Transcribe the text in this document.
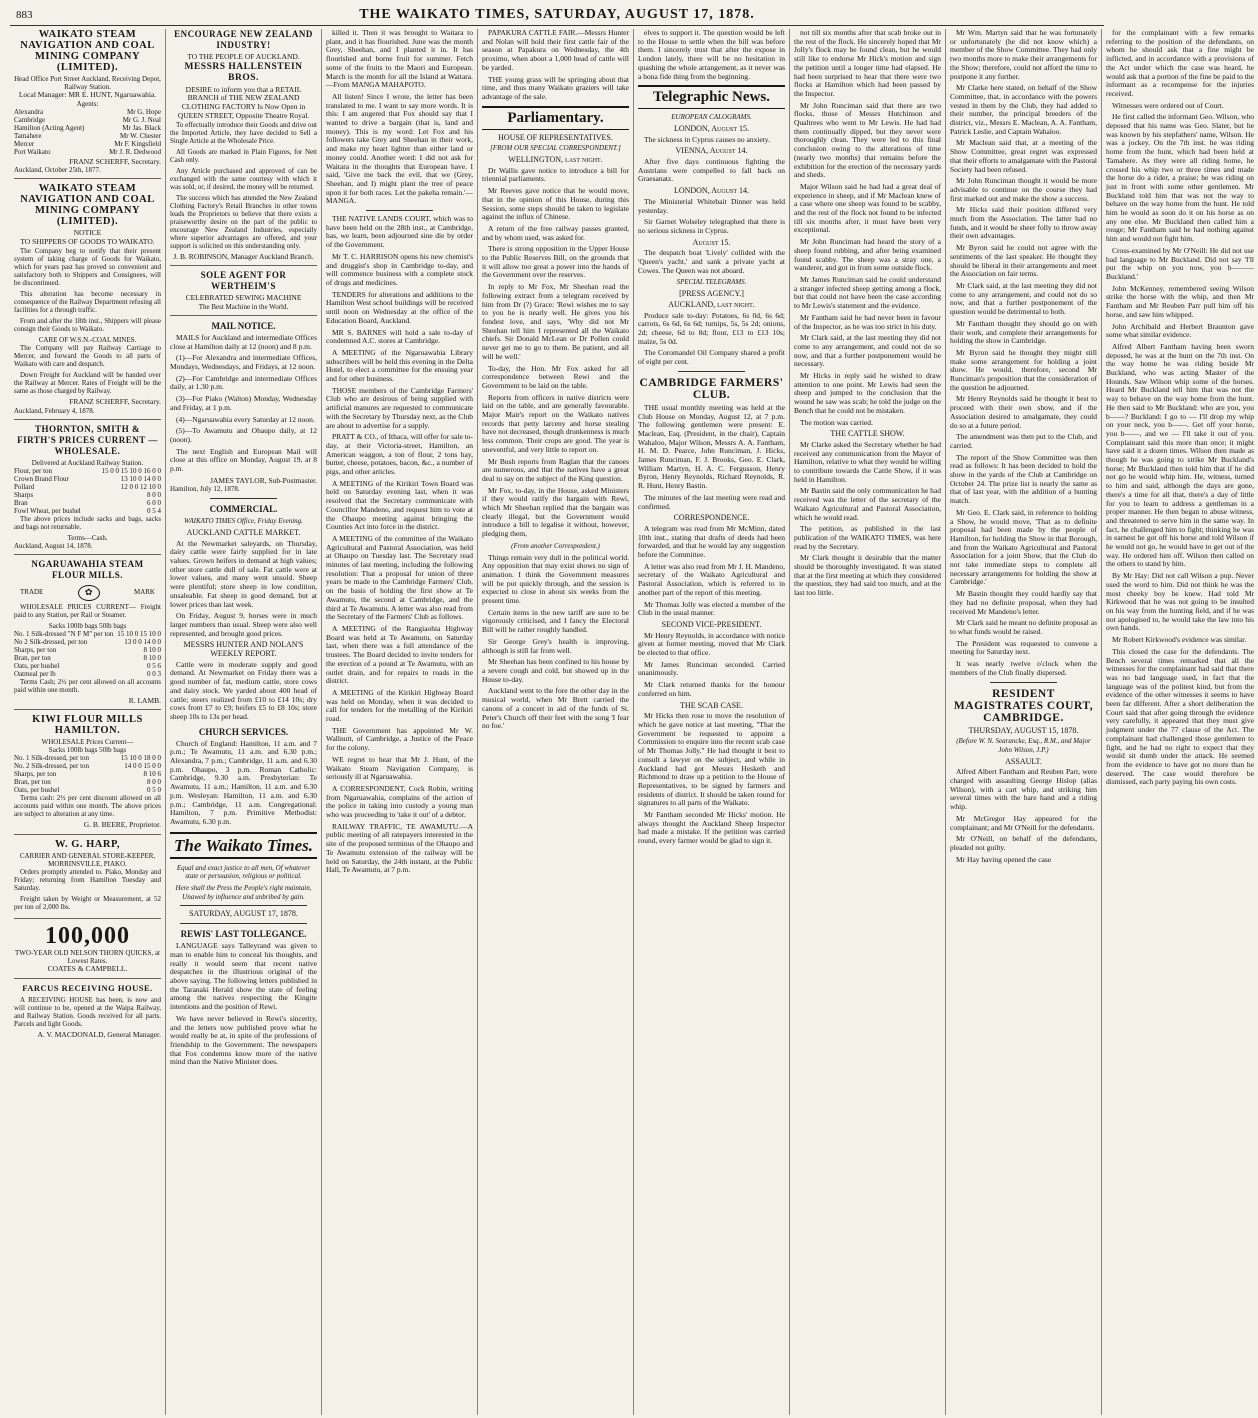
883	THE WAIKATO TIMES, SATURDAY, AUGUST 17, 1878.
WAIKATO STEAM NAVIGATION AND COAL MINING COMPANY (LIMITED).
Head Office Port Street Auckland, Receiving Depot, Railway Station.
Local Manager: MR E. HUNT, Ngaruawahia.
Agents:
Alexandra	Mr G. Hope
Cambridge	Mr G. J. Neal
Hamilton (Acting Agent)	Mr Jas. Black
Tamahere	Mr W. Chester
Mercer	Mr F. Kingsfield
Port Waikato	Mr J. R. Dedwood
FRANZ SCHERFF, Secretary.
Auckland, October 25th, 1877.
WAIKATO STEAM NAVIGATION AND COAL MINING COMPANY (LIMITED).
NOTICE
TO SHIPPERS OF GOODS TO WAIKATO.

The Company beg to notify that their present system of taking charge of Goods for Waikato, which for years past has proved so convenient and satisfactory both to Shippers and Consignees, will be discontinued.

This alteration has become necessary in consequence of the Railway Department refusing all facilities for a through traffic.

From and after the 18th inst., Shippers will please consign their Goods to Waikato.

CARE OF W.S.N.-COAL MINES.

The Company will pay Railway Carriage to Mercer, and forward the Goods to all parts of Waikato with care and despatch.

Down Freight for Auckland will be handed over the Railway at Mercer. Rates of Freight will be the same as those charged by Railway.

FRANZ SCHERFF, Secretary.
Auckland, February 4, 1878.
THORNTON, SMITH & FIRTH'S PRICES CURRENT — WHOLESALE.
Delivered at Auckland Railway Station.
Flour, per ton	15 0 0 15 10 0 16 0 0
Crown Brand Flour	13 10 0 14 0 0
Pollard	12 0 0 12 10 0
Sharps	8 0 0
Bran	6 0 0
Fowl Wheat, per bushel	0 5 4

The above prices include sacks and bags, sacks and bags not returnable.

Terms—Cash.
Auckland, August 14, 1878.
NGARUAWAHIA STEAM FLOUR MILLS.
TRADE	✿	MARK

WHOLESALE PRICES CURRENT— Freight paid to any Station, per Rail or Steamer.

Sacks 100lb bags 50lb bags
No. 1 Silk-dressed "N F M" per ton	15 10 0 15 10 0
No 2 Silk-dressed, per ton	13 0 0 14 0 0
Sharps, per ton	8 10 0
Bran, per ton	8 10 0
Oats, per bushel	0 5 6
Oatmeal per lb	0 0 3

Terms Cash; 2½ per cent allowed on all accounts paid within one month.

R. LAMB.
KIWI FLOUR MILLS HAMILTON.
WHOLESALE Prices Current—
Sacks 100lb bags 50lb bags
No. 1 Silk-dressed, per ton	15 10 0 18 0 0
No. 2 Silk-dressed, per ton	14 0 0 15 0 0
Sharps, per ton	8 10 6
Bran, per ton	8 0 0
Oats, per bushel	0 5 0

Terms cash: 2½ per cent discount allowed on all accounts paid within one month. The above prices are subject to alteration at any time.

G. B. BEERE, Proprietor.
W. G. HARP,
CARRIER AND GENERAL STORE-KEEPER, MORRINSVILLE, PIAKO.

Orders promptly attended to. Piako, Monday and Friday; returning from Hamilton Tuesday and Saturday.

Freight taken by Weight or Measurement, at 52 per ton of 2,000 lbs.

100,000
TWO-YEAR OLD NELSON THORN QUICKS, at Lowest Rates.
COATES & CAMPBELL.
FARCUS RECEIVING HOUSE.

A RECEIVING HOUSE has been, is now and will continue to be, opened at the Waipa Railway, and Railway Station. Goods received for all parts. Parcels and light Goods.

A. V. MACDONALD, General Manager.
ENCOURAGE NEW ZEALAND INDUSTRY!
TO THE PEOPLE OF AUCKLAND.
MESSRS HALLENSTEIN BROS.
DESIRE to inform you that a RETAIL BRANCH of THE NEW ZEALAND CLOTHING FACTORY Is Now Open in QUEEN STREET, Opposite Theatre Royal.

To effectually introduce their Goods and drive out the Imported Article, they have decided to Sell a Single Article at the Wholesale Price.

All Goods are marked in Plain Figures, for Nett Cash only.

Any Article purchased and approved of can be exchanged with the same courtesy with which it was sold, or, if desired, the money will be returned.

The success which has attended the New Zealand Clothing Factory's Retail Branches in other towns leads the Proprietors to believe that there exists a praiseworthy desire on the part of the public to encourage New Zealand Industries, especially where superior advantages are offered, and your support is solicited on this understanding only.

J. B. ROBINSON, Manager Auckland Branch.
SOLE AGENT FOR WERTHEIM'S
CELEBRATED SEWING MACHINE
The Best Machine in the World.
MAIL NOTICE.

MAILS for Auckland and intermediate Offices close at Hamilton daily at 12 (noon) and 8 p.m.

(1)—For Alexandra and intermediate Offices, Mondays, Wednesdays, and Fridays, at 12 noon.

(2)—For Cambridge and intermediate Offices daily, at 1.30 p.m.

(3)—For Piako (Walton) Monday, Wednesday and Friday, at 1 p.m.

(4)—Ngaruawahia every Saturday at 12 noon.

(5)—To Awamutu and Ohaupo daily, at 12 (noon).

The next English and European Mail will close at this office on Monday, August 19, at 8 p.m.

JAMES TAYLOR, Sub-Postmaster.
Hamilton, July 12, 1878.
COMMERCIAL.
WAIKATO TIMES Office, Friday Evening.
AUCKLAND CATTLE MARKET.

At the Newmarket saleyards, on Thursday, dairy cattle were fairly supplied for in late values. Grown heifers in demand at high values; other store cattle dull of sale. Fat cattle were at lower values, and many went unsold. Sheep were plentiful; store sheep in low condition, unsaleable. Fat sheep in good demand, but at lower prices than last week.

On Friday, August 9, horses were in much larger numbers than usual. Sheep were also well represented, and brought good prices.

MESSRS HUNTER AND NOLAN'S WEEKLY REPORT.

Cattle were in moderate supply and good demand. At Newmarket on Friday there was a good number of fat, medium cattle, store cows and dairy stock. We yarded about 400 head of cattle; steers realized from £10 to £14 10s; dry cows from £7 to £9; heifers £5 to £8 10s; store sheep 10s to 13s per head.

CHURCH SERVICES.

Church of England: Hamilton, 11 a.m. and 7 p.m.; Te Awamutu, 11 a.m. and 6.30 p.m.; Alexandra, 7 p.m.; Cambridge, 11 a.m. and 6.30 p.m. Ohaupo, 3 p.m. Roman Catholic: Cambridge, 9.30 a.m. Presbyterian: Te Awamutu, 11 a.m.; Hamilton, 11 a.m. and 6.30 p.m. Wesleyan: Hamilton, 11 a.m. and 6.30 p.m.; Cambridge, 11 a.m. Congregational: Hamilton, 7 p.m. Primitive Methodist: Awamutu, 6.30 p.m.

The Waikato Times.
Equal and exact justice to all men, Of whatever state or persuasion, religious or political.
Here shall the Press the People's right maintain, Unawed by influence and unbribed by gain.
SATURDAY, AUGUST 17, 1878.
REWIS' LAST TOLLEGANCE.

LANGUAGE says Talleyrand was given to man to enable him to conceal his thoughts, and really it would seem that recent native despatches in the illustrious original of the above saying. The following letters published in the Taranaki Herald show the state of feeling among the natives respecting the Kingite intentions and the position of Rewi.

We have never believed in Rewi's sincerity, and the letters now published prove what he would really be at, in spite of the professions of friendship to the Government. The newspapers that Fox condemns know more of the native mind than the Native Minister does.

killed it. Then it was brought to Waitara to plant, and it has flourished. June was the month Grey, Sheehan, and I planted it in. It has flourished and borne fruit for summer. Fetch some of the fruits to the Maori and European. March is the month for all the Island at Waitara.—From MANGA MAHAPOTO.

All listen! Since I wrote, the letter has been translated to me. I want to say more words. It is this: I am angered that Fox should say that I wanted to drive a bargain (that is, land and money). This is my word: Let Fox and his followers take Grey and Sheehan in their work, and make my heart lighter than either land or money could. Another word: I did not ask for Waitara in the thoughts that European have. I said, 'Give me back the evil, that we (Grey, Sheehan, and I) might plant the tree of peace upon it for both races. Let the pakeha remain.'—MANGA.

THE NATIVE LANDS COURT, which was to have been held on the 28th inst., at Cambridge, has, we learn, been adjourned sine die by order of the Government.

Mr T. C. HARRISON opens his new chemist's and druggist's shop in Cambridge to-day, and will commence business with a complete stock of drugs and medicines.

TENDERS for alterations and additions to the Hamilton West school buildings will be received until noon on Wednesday at the office of the Education Board, Auckland.

MR S. BARNES will hold a sale to-day of condemned A.C. stores at Cambridge.

A MEETING of the Ngaruawahia Library subscribers will be held this evening in the Delta Hotel, to elect a committee for the ensuing year and for other business.

THOSE members of the Cambridge Farmers' Club who are desirous of being supplied with artificial manures are requested to communicate with the Secretary by Thursday next, as the Club are about to advertise for a supply.

PRATT & CO., of Ithaca, will offer for sale to-day, at their Victoria-street, Hamilton, an American waggon, a ton of flour, 2 tons hay, butter, cheese, potatoes, bacon, &c., a number of pigs, and other articles.

A MEETING of the Kirikiri Town Board was held on Saturday evening last, when it was resolved that the Secretary communicate with Councillor Mandeno, and request him to vote at the Ohaupo meeting against bringing the Counties Act into force in the district.

A MEETING of the committee of the Waikato Agricultural and Pastoral Association, was held at Ohaupo on Tuesday last. The Secretary read minutes of last meeting, including the following resolution: That a proposal for union of three years be made to the Cambridge Farmers' Club, on the basis of holding the first show at Te Awamutu, the second at Cambridge, and the third at Te Awamutu. A letter was also read from the Secretary of the Farmers' Club as follows.

A MEETING of the Rangiaohia Highway Board was held at Te Awamutu, on Saturday last, when there was a full attendance of the trustees. The Board decided to invite tenders for the erection of a pound at Te Awamutu, with an outlet drain, and for repairs to roads in the district.

A MEETING of the Kirikiri Highway Board was held on Monday, when it was decided to call for tenders for the metalling of the Kirikiri road.

THE Government has appointed Mr W. Wallnutt, of Cambridge, a Justice of the Peace for the colony.

WE regret to hear that Mr J. Hunt, of the Waikato Steam Navigation Company, is seriously ill at Ngaruawahia.

A CORRESPONDENT, Cock Robin, writing from Ngaruawahia, complains of the action of the police in taking into custody a young man who was proceeding to 'take it out' of a debtor.

RAILWAY TRAFFIC, TE AWAMUTU.—A public meeting of all ratepayers interested in the site of the proposed terminus of the Ohaupo and Te Awamutu extension of the railway will be held on Saturday, the 24th instant, at the Public Hall, Te Awamutu, at 7 p.m.

PAPAKURA CATTLE FAIR.—Messrs Hunter and Nolan will hold their first cattle fair of the season at Papakura on Wednesday, the 4th proximo, when about a 1,000 head of cattle will be yarded.

THE young grass will be springing about that time, and thus many Waikato graziers will take advantage of the sale.

Parliamentary.
HOUSE OF REPRESENTATIVES.
[FROM OUR SPECIAL CORRESPONDENT.]
WELLINGTON, last night.

Dr Wallis gave notice to introduce a bill for triennial parliaments.

Mr Reeves gave notice that he would move, that in the opinion of this House, during this Session, some steps should be taken to legislate against the influx of Chinese.

A return of the free railway passes granted, and by whom used, was asked for.

There is strong opposition in the Upper House to the Public Reserves Bill, on the grounds that it will allow too great a power into the hands of the Government over the reserves.

In reply to Mr Fox, Mr Sheehan read the following extract from a telegram received by him from Dr (?) Grace: 'Rewi wishes me to say to you he is nearly well. He gives you his fondest love, and says, 'Why did not Mr Sheehan tell him I represented all the Waikato chiefs. Sir Donald McLean or Dr Pollen could never get me to go to them. Be patient, and all will be well.'

To-day, the Hon. Mr Fox asked for all correspondence between Rewi and the Government to be laid on the table.

Reports from officers in native districts were laid on the table, and are generally favourable. Major Mair's report on the Waikato natives records that petty larceny and horse stealing have not decreased, though drunkenness is much less common. Their crops are good. The year is uneventful, and very little to report on.

Mr Bush reports from Raglan that the canoes are numerous, and that the natives have a great deal to say on the subject of the King question.

Mr Fox, to-day, in the House, asked Ministers if they would ratify the bargain with Rewi, which Mr Sheehan replied that the bargain was clearly illegal, but the Government would introduce a bill to legalise it without, however, pledging them,

(From another Correspondent.)

Things remain very dull in the political world. Any opposition that may exist shows no sign of animation. I think the Government measures will be put quickly through, and the session is expected to close in about six weeks from the present time.

Certain items in the new tariff are sure to be vigorously criticised, and I fancy the Electoral Bill will be rather roughly handled.

Sir George Grey's health is improving, although is still far from well.

Mr Sheehan has been confined to his house by a severe cough and cold, but showed up in the House to-day.

Auckland went to the fore the other day in the musical world, when Mr Brett carried the canons of a concert in aid of the funds of St. Peter's Church off their feet with the song 'I fear no foe.'

elves to support it. The question would be left to the House to settle when the bill was before them. I sincerely trust that after the expose in London lately, there will be no hesitation in quashing the whole arrangement, as it never was a bona fide thing from the beginning.

Telegraphic News.
EUROPEAN CALOGRAMS.
LONDON, August 15.

The sickness in Cyprus causes no anxiety.

VIENNA, August 14.

After five days continuous fighting the Austrians were compelled to fall back on Graesanatz.

LONDON, August 14.

The Ministerial Whitebait Dinner was held yesterday.

Sir Garnet Wolseley telegraphed that there is no serious sickness in Cyprus.

August 15.

The despatch boat 'Lively' collided with the 'Queen's yacht,' and sank a private yacht at Cowes. The Queen was not aboard.

SPECIAL TELEGRAMS.
[PRESS AGENCY.]
AUCKLAND, last night.

Produce sale to-day: Potatoes, 6s 0d, 6s 6d; carrots, 6s 6d, 6s 6d; turnips, 5s, 5s 2d; onions, 2d; cheese, 6d to 8d; flour, £13 to £13 10s; maize, 5s 0d.

The Coromandel Oil Company shared a profit of eight per cent.

CAMBRIDGE FARMERS' CLUB.

THE usual monthly meeting was held at the Club House on Monday, August 12, at 7 p.m. The following gentlemen were present: E. Maclean, Esq. (President, in the chair), Captain Wahaloo, Major Wilson, Messrs A. A. Fantham, H. M. D. Pearce, John Runciman, J. Hicks, James Runciman, F. J. Brooks, Geo. E. Clark, William Martyn, H. A. C. Fergusson, Henry Byron, Henry Reynolds, Richard Reynolds, R. R. Hunt, Henry Bastin.

The minutes of the last meeting were read and confirmed.

CORRESPONDENCE.

A telegram was read from Mr McMinn, dated 10th inst., stating that drafts of deeds had been forwarded, and that he would lay any suggestion before the Committee.

A letter was also read from Mr J. H. Mandeno, secretary of the Waikato Agricultural and Pastoral Association, which is referred to in another part of the report of this meeting.

Mr Thomas Jolly was elected a member of the Club in the usual manner.

SECOND VICE-PRESIDENT.

Mr Henry Reynolds, in accordance with notice given at former meeting, moved that Mr Clark be elected to that office.

Mr James Runciman seconded. Carried unanimously.

Mr Clark returned thanks for the honour conferred on him.

THE SCAB CASE.

Mr Hicks then rose to move the resolution of which he gave notice at last meeting, "That the Government be requested to appoint a Commission to enquire into the recent scab case of Mr Thomas Jolly." He had thought it best to consult a lawyer on the subject, and while in Auckland had got Messrs Hesketh and Richmond to draw up a petition to the House of Representatives, to be signed by farmers and residents of district. It should be taken round for signatures to all parts of the Waikato.

Mr Fantham seconded Mr Hicks' motion. He always thought the Auckland Sheep Inspector had made a mistake. If the petition was carried round, every farmer would be glad to sign it.

not till six months after that scab broke out in the rest of the flock. He sincerely hoped that Mr Jolly's flock may be found clean, but he would still like to endorse Mr Hick's motion and sign the petition until a longer time had elapsed. He had been surprised to hear that there were two flocks at Hamilton which had been passed by the Inspector.

Mr John Runciman said that there are two flocks, those of Messrs Hutchinson and Qualtrees who went to Mr Lewis. He had had them continually dipped, but they never were thoroughly clean. They were led to this final conclusion owing to the alterations of time (nearly two months) that remains before the exhibition for the erection of the necessary yards and sheds.

Major Wilson said he had had a great deal of experience in sheep, and if Mr Maclean knew of a case where one sheep was found to be scabby, and the rest of the flock not found to be infected till six months after, it must have been very exceptional.

Mr John Runciman had heard the story of a sheep found rubbing, and after being examined found scabby. The sheep was a stray one, a wanderer, and got in from some outside flock.

Mr James Runciman said he could understand a stranger infected sheep getting among a flock, but that could not have been the case according to Mr Lewis's statement and the evidence.

Mr Fantham said he had never been in favour of the Inspector, as he was too strict in his duty.

Mr Clark said, at the last meeting they did not come to any arrangement, and could not do so now, and that a further postponement would be necessary.

Mr Hicks in reply said he wished to draw attention to one point. Mr Lewis had seen the sheep and jumped to the conclusion that the wound he saw was scab; he told the judge on the Bench that he could not be mistaken.

The motion was carried.

THE CATTLE SHOW.

Mr Clarke asked the Secretary whether he had received any communication from the Mayor of Hamilton, relative to what they would be willing to contribute towards the Cattle Show, if it was held in Hamilton.

Mr Bastin said the only communication he had received was the letter of the secretary of the Waikato Agricultural and Pastoral Association, which he would read.

The petition, as published in the last publication of the WAIKATO TIMES, was here read by the Secretary.

Mr Clark thought it desirable that the matter should be thoroughly investigated. It was stated that at the first meeting at which they considered the question, they had said too much, and at the last too little.

Mr Wm. Martyn said that he was fortunately or unfortunately (he did not know which) a member of the Show Committee. They had only two months more to make their arrangements for the Show; therefore, could not afford the time to postpone it any further.

Mr Clarke here stated, on behalf of the Show Committee, that, in accordance with the powers vested in them by the Club, they had added to their number, the principal breeders of the district, viz., Messrs E. Maclean, A. A. Fantham, Patrick Leslie, and Captain Wahaloo.

Mr Maclean said that, at a meeting of the Show Committee, great regret was expressed that their efforts to amalgamate with the Pastoral Society had been refused.

Mr John Runciman thought it would be more advisable to continue on the course they had first marked out and make the show a success.

Mr Hicks said their position differed very much from the Association. The latter had no funds, and it would be sheer folly to throw away their own advantages.

Mr Byron said he could not agree with the sentiments of the last speaker. He thought they should be liberal in their arrangements and meet the Association on fair terms.

Mr Clark said, at the last meeting they did not come to any arrangement, and could not do so now, and that a further postponement of the question would be detrimental to both.

Mr Fantham thought they should go on with their work, and complete their arrangements for holding the show in Cambridge.

Mr Byron said he thought they might still make some arrangement for holding a joint show. He would, therefore, second Mr Runciman's proposition that the consideration of the question be adjourned.

Mr Henry Reynolds said he thought it best to proceed with their own show, and if the Association desired to amalgamate, they could do so at a future period.

The amendment was then put to the Club, and carried.

The report of the Show Committee was then read as follows: It has been decided to hold the show in the yards of the Club at Cambridge on October 24. The prize list is nearly the same as that of last year, with the addition of a hunting match.

Mr Geo. E. Clark said, in reference to holding a Show, he would move, 'That as to definite proposal had been made by the people of Hamilton, for holding the Show in that Borough, and from the Waikato Agricultural and Pastoral Association for a joint Show, that the Club do not take immediate steps to complete all necessary arrangements for holding the show at Cambridge.'

Mr Bastin thought they could hardly say that they had no definite proposal, when they had received Mr Mandeno's letter.

Mr Clark said he meant no definite proposal as to what funds would be raised.

The President was requested to convene a meeting for Saturday next.

It was nearly twelve o'clock when the members of the Club finally dispersed.

RESIDENT MAGISTRATES COURT, CAMBRIDGE.
THURSDAY, AUGUST 15, 1878.
(Before W. N. Searancke, Esq., R.M., and Major John Wilson, J.P.)
ASSAULT.

Alfred Albert Fantham and Reuben Parr, were charged with assaulting George Hislop (alias Wilson), with a cart whip, and striking him several times with the bare hand and a riding whip.

Mr McGregor Hay appeared for the complainant; and Mr O'Neill for the defendants.

Mr O'Neill, on behalf of the defendants, pleaded not guilty.

Mr Hay having opened the case

for the complainant with a few remarks referring to the position of the defendants, on whom he should ask that a fine might be inflicted, and in accordance with a provisions of the Act under which the case was heard, he would ask that a portion of the fine be paid to the informant as a recompense for the injuries received.

Witnesses were ordered out of Court.

He first called the informant Geo. Wilson, who deposed that his name was Geo. Slater, but he was known by his stepfathers' name, Wilson. He was a jockey. On the 7th inst. he was riding home from the hunt, which had been held at Tamahere. As they were all riding home, he crossed his whip two or three times and made the horse do a rider, a praise; he was riding on just in front with some other gentlemen. Mr Buckland told him that was not the way to behave on the way home from the hunt. He told him he would as soon do it on his horse as on any one else. Mr Buckland then called him a rouge; Mr Fantham said he had nothing against him and would not fight him.

Cross-examined by Mr O'Neill: He did not use bad language to Mr Buckland. Did not say 'I'll put the whip on you now, you b——— Buckland.'

John McKenney, remembered seeing Wilson strike the horse with the whip, and then Mr Fantham and Mr Reuben Parr pull him off his horse, and saw him whipped.

John Archibald and Herbert Braunton gave some what similar evidence.

Alfred Albert Fantham having been sworn deposed, he was at the hunt on the 7th inst. On the way home he was riding beside Mr Buckland, who was acting Master of the Hounds. Saw Wilson whip some of the horses. Heard Mr Buckland tell him that was not the way to behave on the way home from the hunt. He then said to Mr Buckland: who are you, you b——? Buckland: I go to — I'll drop my whip on your neck, you b——. Get off your horse, you b——, and we — I'll take it out of you. Complainant said this more than once; it might have said it a dozen times. Wilson then made as though he was going to strike Mr Buckland's horse; Mr Buckland then told him that if he did not go he would whip him. He, witness, turned to him and said, although the days are gone, there's a time for all that, there's a day of little for you to learn to address a gentleman in a proper manner. He then began to abuse witness, and threatened to serve him in the same way. In fact, he challenged him to fight; thinking he was in earnest he got off his horse and told Wilson if he would not go, he would have to get out of the way. He ordered him off. Wilson then called on the others to stand by him.

By Mr Hay: Did not call Wilson a pup. Never used the word to him. Did not think he was the most cheeky boy he knew. Had told Mr Kirkwood that he was not going to be insulted on his way from the hunting field, and if he was not apologised to, he would take the law into his own hands.

Mr Robert Kirkwood's evidence was similar.

This closed the case for the defendants. The Bench several times remarked that all the witnesses for the complainant had said that there was no bad language used, in fact that the language was of the politest kind, but from the evidence of the other witnesses it seems to have been far different. After a short deliberation the Court said that after going through the evidence very carefully, it appeared that they must give judgment under the 77 clause of the Act. The complainant had challenged those gentlemen to fight, and he had no right to expect that they would sit dumb under the attack. He seemed from the evidence to have got no more than he deserved. The case would therefore be dismissed, each party paying his own costs.
